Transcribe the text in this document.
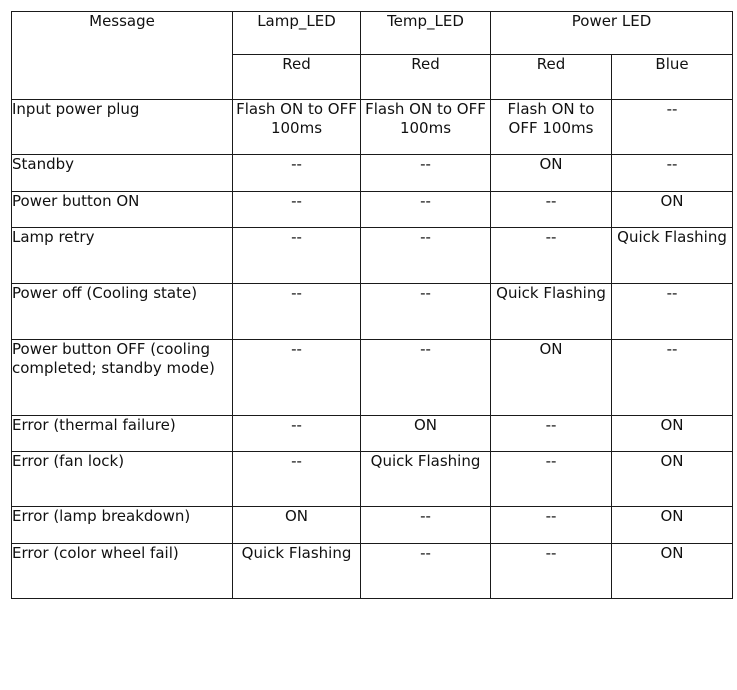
Message	Lamp_LED	Temp_LED	Power LED	
	Red	Red	Red	Blue
Input power plug	Flash ON to OFF 100ms	Flash ON to OFF 100ms	Flash ON to OFF 100ms	--
Standby	--	--	ON	--
Power button ON	--	--	--	ON
Lamp retry	--	--	--	Quick Flashing
Power off (Cooling state)	--	--	Quick Flashing	--
Power button OFF (cooling completed; standby mode)	--	--	ON	--
Error (thermal failure)	--	ON	--	ON
Error (fan lock)	--	Quick Flashing	--	ON
Error (lamp breakdown)	ON	--	--	ON
Error (color wheel fail)	Quick Flashing	--	--	ON
